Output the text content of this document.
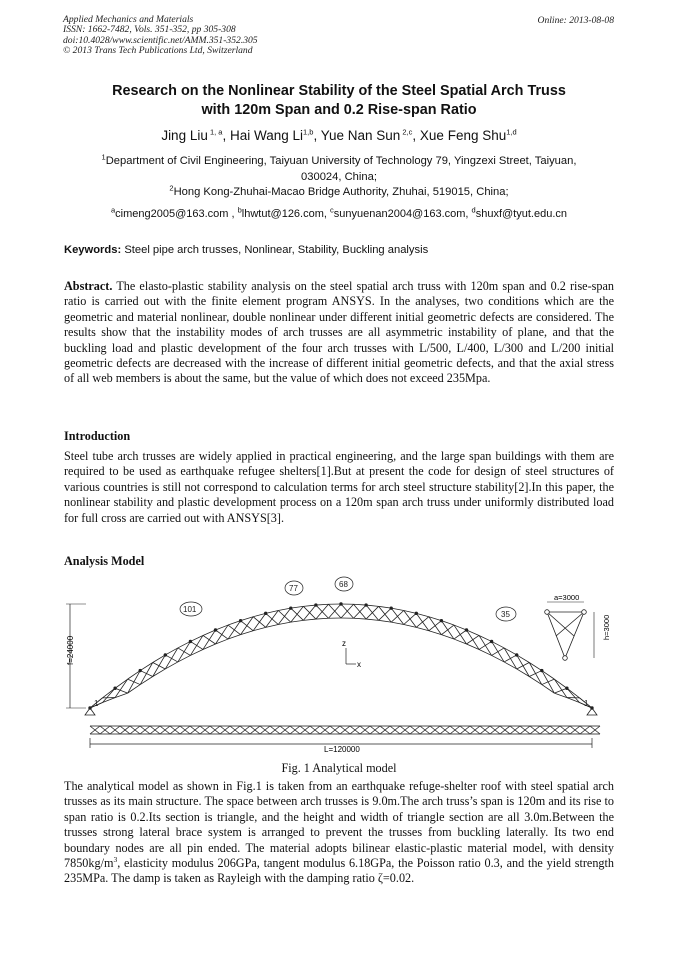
Applied Mechanics and Materials
ISSN: 1662-7482, Vols. 351-352, pp 305-308
doi:10.4028/www.scientific.net/AMM.351-352.305
© 2013 Trans Tech Publications Ltd, Switzerland
Online: 2013-08-08
Research on the Nonlinear Stability of the Steel Spatial Arch Truss
with 120m Span and 0.2 Rise-span Ratio
Jing Liu $^{1, a}$, Hai Wang Li$^{1,b}$, Yue Nan Sun $^{2,c}$, Xue Feng Shu$^{1,d}$
$^1$Department of Civil Engineering, Taiyuan University of Technology 79, Yingzexi Street, Taiyuan,
030024, China;
$^2$Hong Kong-Zhuhai-Macao Bridge Authority, Zhuhai, 519015, China;
$^a$cimeng2005@163.com , $^b$lhwtut@126.com, $^c$sunyuenan2004@163.com, $^d$shuxf@tyut.edu.cn
Keywords: Steel pipe arch trusses, Nonlinear, Stability, Buckling analysis
Abstract. The elasto-plastic stability analysis on the steel spatial arch truss with 120m span and 0.2 rise-span ratio is carried out with the finite element program ANSYS. In the analyses, two conditions which are the geometric and material nonlinear, double nonlinear under different initial geometric defects are considered. The results show that the instability modes of arch trusses are all asymmetric instability of plane, and that the buckling load and plastic development of the four arch trusses with L/500, L/400, L/300 and L/200 initial geometric defects are decreased with the increase of different initial geometric defects, and that the axial stress of all web members is about the same, but the value of which does not exceed 235Mpa.
Introduction
Steel tube arch trusses are widely applied in practical engineering, and the large span buildings with them are required to be used as earthquake refugee shelters[1].But at present the code for design of steel structures of various countries is still not correspond to calculation terms for arch steel structure stability[2].In this paper, the nonlinear stability and plastic development process on a 120m span arch truss under uniformly distributed load for full cross are carried out with ANSYS[3].
Analysis Model
f=24000
L=120000
101
77	68
35
1	1
z
x
a=3000
h=3000
Fig. 1 Analytical model
The analytical model as shown in Fig.1 is taken from an earthquake refuge-shelter roof with steel spatial arch trusses as its main structure. The space between arch trusses is 9.0m.The arch truss’s span is 120m and its rise to span ratio is 0.2.Its section is triangle, and the height and width of triangle section are all 3.0m.Between the trusses strong lateral brace system is arranged to prevent the trusses from buckling laterally. Its two end boundary nodes are all pin ended. The material adopts bilinear elastic-plastic material model, with density $7850kg/m^3$, elasticity modulus 206GPa, tangent modulus 6.18GPa, the Poisson ratio 0.3, and the yield strength 235MPa. The damp is taken as Rayleigh with the damping ratio ζ=0.02.
